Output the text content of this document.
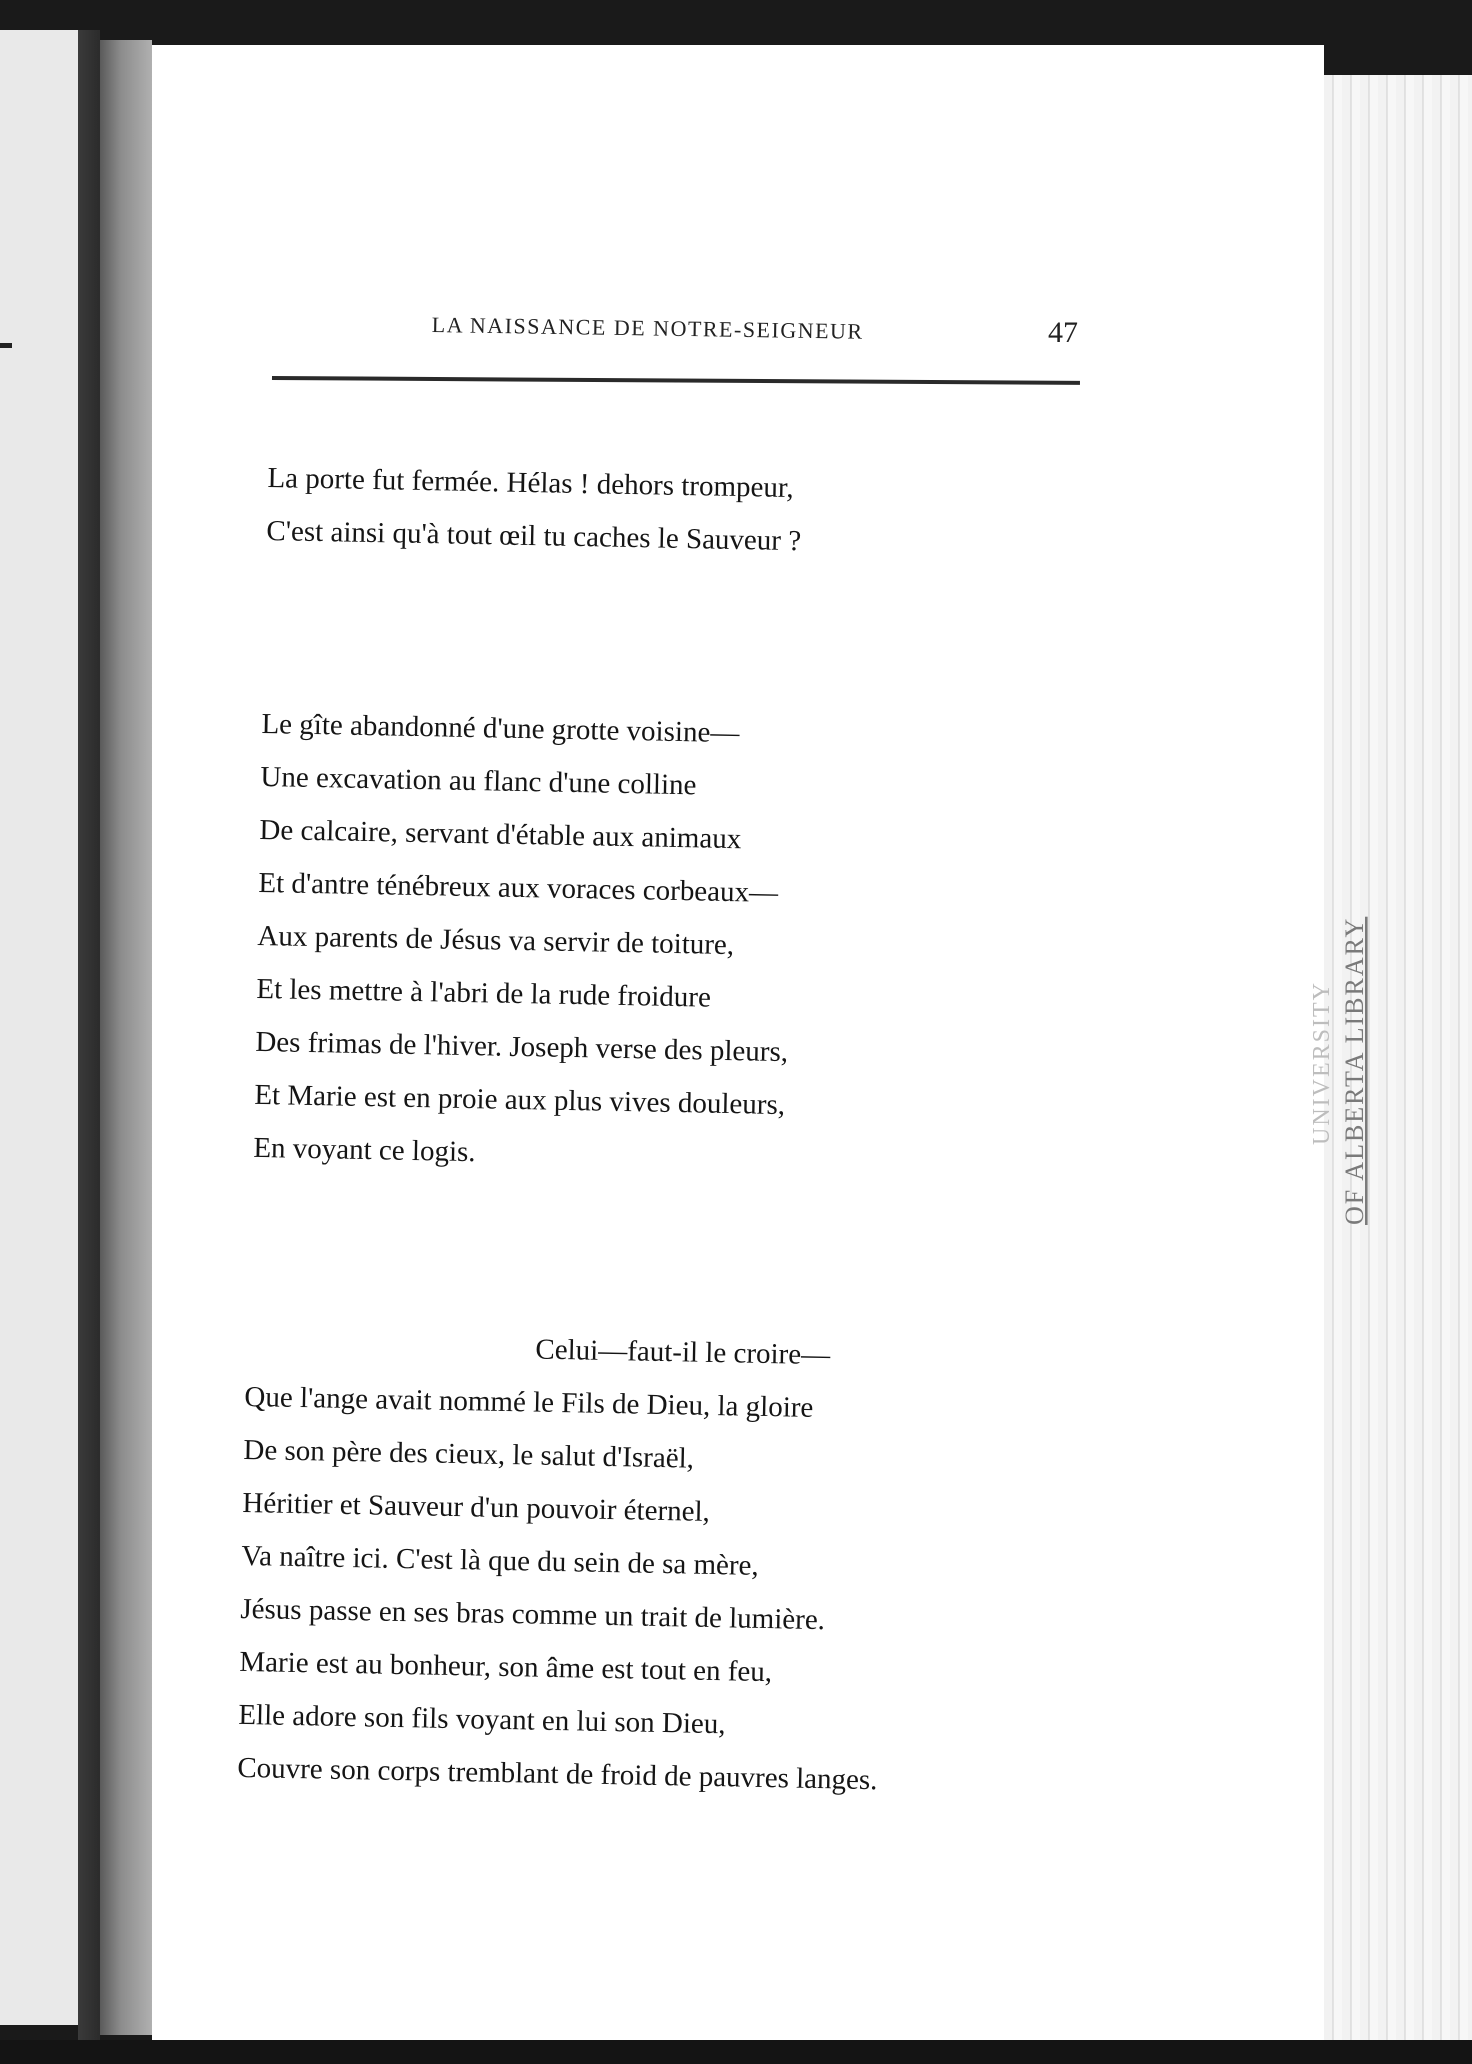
LA NAISSANCE DE NOTRE-SEIGNEUR	47
La porte fut fermée. Hélas ! dehors trompeur,
C'est ainsi qu'à tout œil tu caches le Sauveur ?
Le gîte abandonné d'une grotte voisine—
Une excavation au flanc d'une colline
De calcaire, servant d'étable aux animaux
Et d'antre ténébreux aux voraces corbeaux—
Aux parents de Jésus va servir de toiture,
Et les mettre à l'abri de la rude froidure
Des frimas de l'hiver. Joseph verse des pleurs,
Et Marie est en proie aux plus vives douleurs,
En voyant ce logis.
Celui—faut-il le croire—
Que l'ange avait nommé le Fils de Dieu, la gloire
De son père des cieux, le salut d'Israël,
Héritier et Sauveur d'un pouvoir éternel,
Va naître ici. C'est là que du sein de sa mère,
Jésus passe en ses bras comme un trait de lumière.
Marie est au bonheur, son âme est tout en feu,
Elle adore son fils voyant en lui son Dieu,
Couvre son corps tremblant de froid de pauvres langes.
UNIVERSITY OF ALBERTA LIBRARY
